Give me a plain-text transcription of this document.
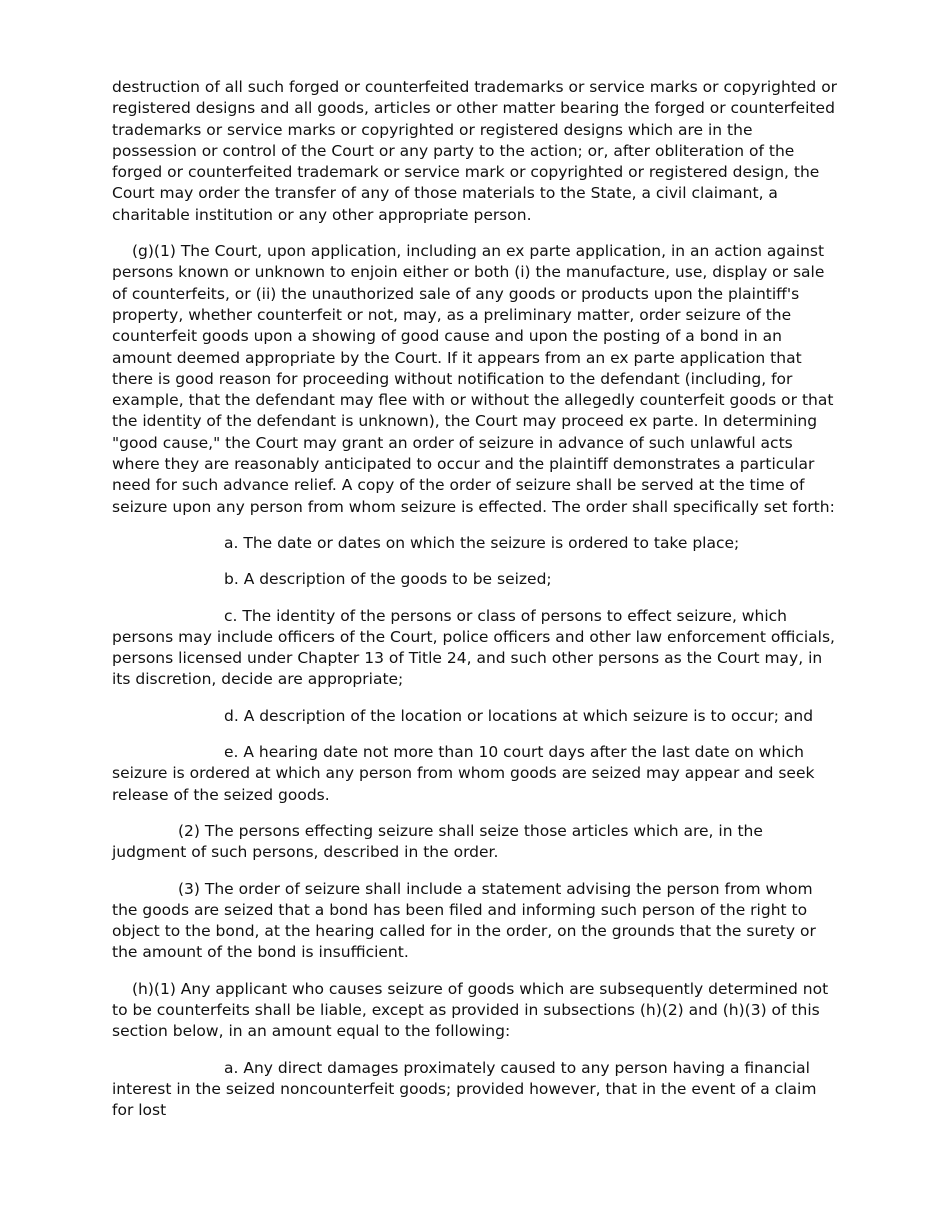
destruction of all such forged or counterfeited trademarks or service marks or copyrighted or registered designs and all goods, articles or other matter bearing the forged or counterfeited trademarks or service marks or copyrighted or registered designs which are in the possession or control of the Court or any party to the action; or, after obliteration of the forged or counterfeited trademark or service mark or copyrighted or registered design, the Court may order the transfer of any of those materials to the State, a civil claimant, a charitable institution or any other appropriate person.

(g)(1) The Court, upon application, including an ex parte application, in an action against persons known or unknown to enjoin either or both (i) the manufacture, use, display or sale of counterfeits, or (ii) the unauthorized sale of any goods or products upon the plaintiff's property, whether counterfeit or not, may, as a preliminary matter, order seizure of the counterfeit goods upon a showing of good cause and upon the posting of a bond in an amount deemed appropriate by the Court. If it appears from an ex parte application that there is good reason for proceeding without notification to the defendant (including, for example, that the defendant may flee with or without the allegedly counterfeit goods or that the identity of the defendant is unknown), the Court may proceed ex parte. In determining "good cause," the Court may grant an order of seizure in advance of such unlawful acts where they are reasonably anticipated to occur and the plaintiff demonstrates a particular need for such advance relief. A copy of the order of seizure shall be served at the time of seizure upon any person from whom seizure is effected. The order shall specifically set forth:

a. The date or dates on which the seizure is ordered to take place;

b. A description of the goods to be seized;

c. The identity of the persons or class of persons to effect seizure, which persons may include officers of the Court, police officers and other law enforcement officials, persons licensed under Chapter 13 of Title 24, and such other persons as the Court may, in its discretion, decide are appropriate;

d. A description of the location or locations at which seizure is to occur; and

e. A hearing date not more than 10 court days after the last date on which seizure is ordered at which any person from whom goods are seized may appear and seek release of the seized goods.

(2) The persons effecting seizure shall seize those articles which are, in the judgment of such persons, described in the order.

(3) The order of seizure shall include a statement advising the person from whom the goods are seized that a bond has been filed and informing such person of the right to object to the bond, at the hearing called for in the order, on the grounds that the surety or the amount of the bond is insufficient.

(h)(1) Any applicant who causes seizure of goods which are subsequently determined not to be counterfeits shall be liable, except as provided in subsections (h)(2) and (h)(3) of this section below, in an amount equal to the following:

a. Any direct damages proximately caused to any person having a financial interest in the seized noncounterfeit goods; provided however, that in the event of a claim for lost
